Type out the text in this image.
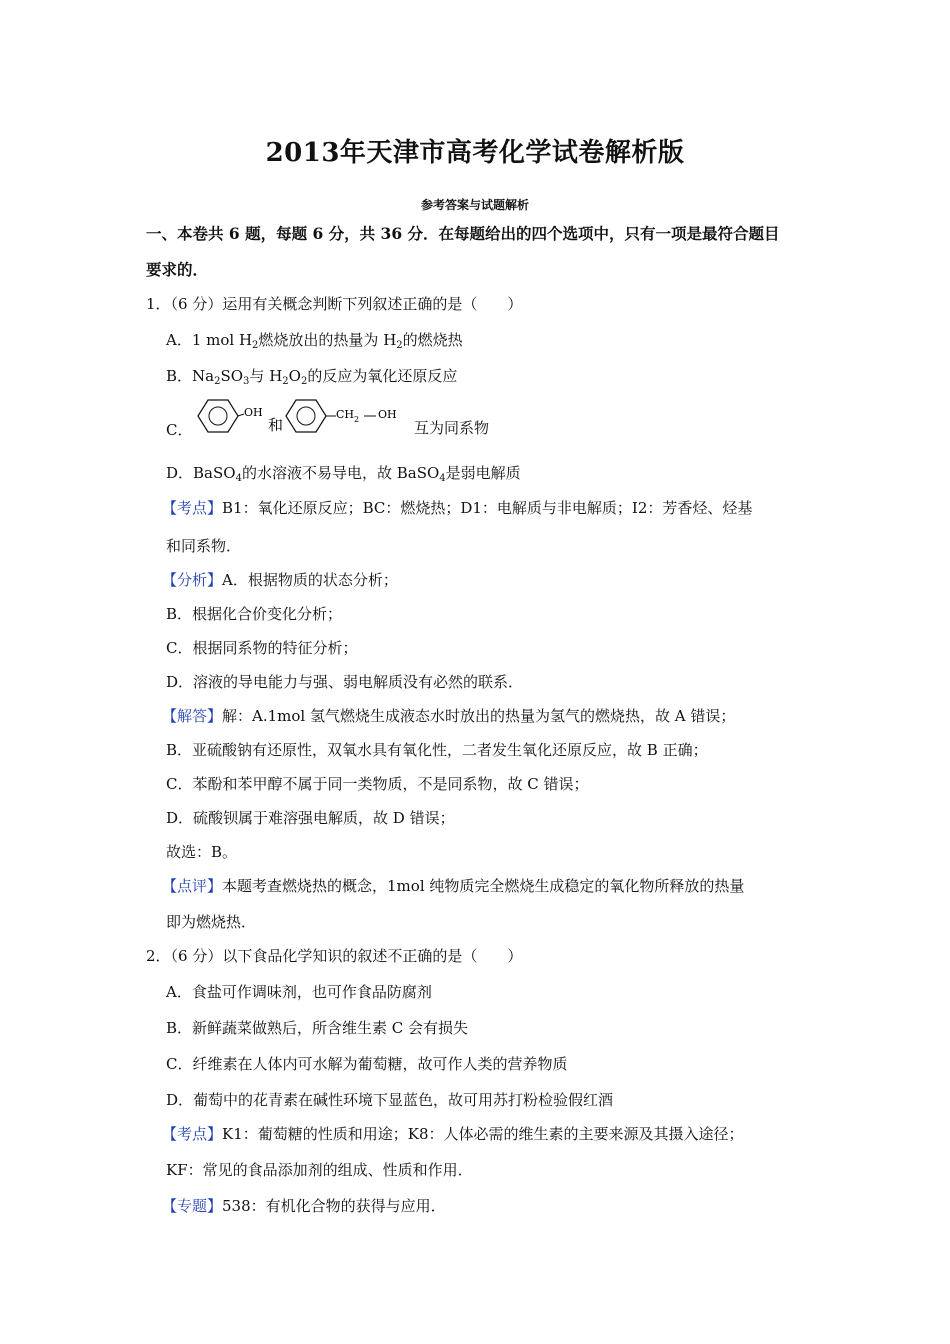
2013年天津市高考化学试卷解析版
参考答案与试题解析
一、本卷共 6 题，每题 6 分，共 36 分．在每题给出的四个选项中，只有一项是最符合题目
要求的．
1．（6 分）运用有关概念判断下列叙述正确的是（　　）
A．1 mol $H_2$燃烧放出的热量为 $H_2$的燃烧热
B．$Na_2SO_3$与 $H_2O_2$的反应为氧化还原反应
C．
OH
和
$CH_2$ OH
互为同系物
D．BaSO$_4$的水溶液不易导电，故 BaSO$_4$是弱电解质
【考点】B1：氧化还原反应；BC：燃烧热；D1：电解质与非电解质；I2：芳香烃、烃基
和同系物．
【分析】A．根据物质的状态分析；
B．根据化合价变化分析；
C．根据同系物的特征分析；
D．溶液的导电能力与强、弱电解质没有必然的联系．
【解答】解：A.1mol 氢气燃烧生成液态水时放出的热量为氢气的燃烧热，故 A 错误；
B．亚硫酸钠有还原性，双氧水具有氧化性，二者发生氧化还原反应，故 B 正确；
C．苯酚和苯甲醇不属于同一类物质，不是同系物，故 C 错误；
D．硫酸钡属于难溶强电解质，故 D 错误；
故选：B。
【点评】本题考查燃烧热的概念，1mol 纯物质完全燃烧生成稳定的氧化物所释放的热量
即为燃烧热．
2．（6 分）以下食品化学知识的叙述不正确的是（　　）
A．食盐可作调味剂，也可作食品防腐剂
B．新鲜蔬菜做熟后，所含维生素 C 会有损失
C．纤维素在人体内可水解为葡萄糖，故可作人类的营养物质
D．葡萄中的花青素在碱性环境下显蓝色，故可用苏打粉检验假红酒
【考点】K1：葡萄糖的性质和用途；K8：人体必需的维生素的主要来源及其摄入途径；
KF：常见的食品添加剂的组成、性质和作用．
【专题】538：有机化合物的获得与应用．
